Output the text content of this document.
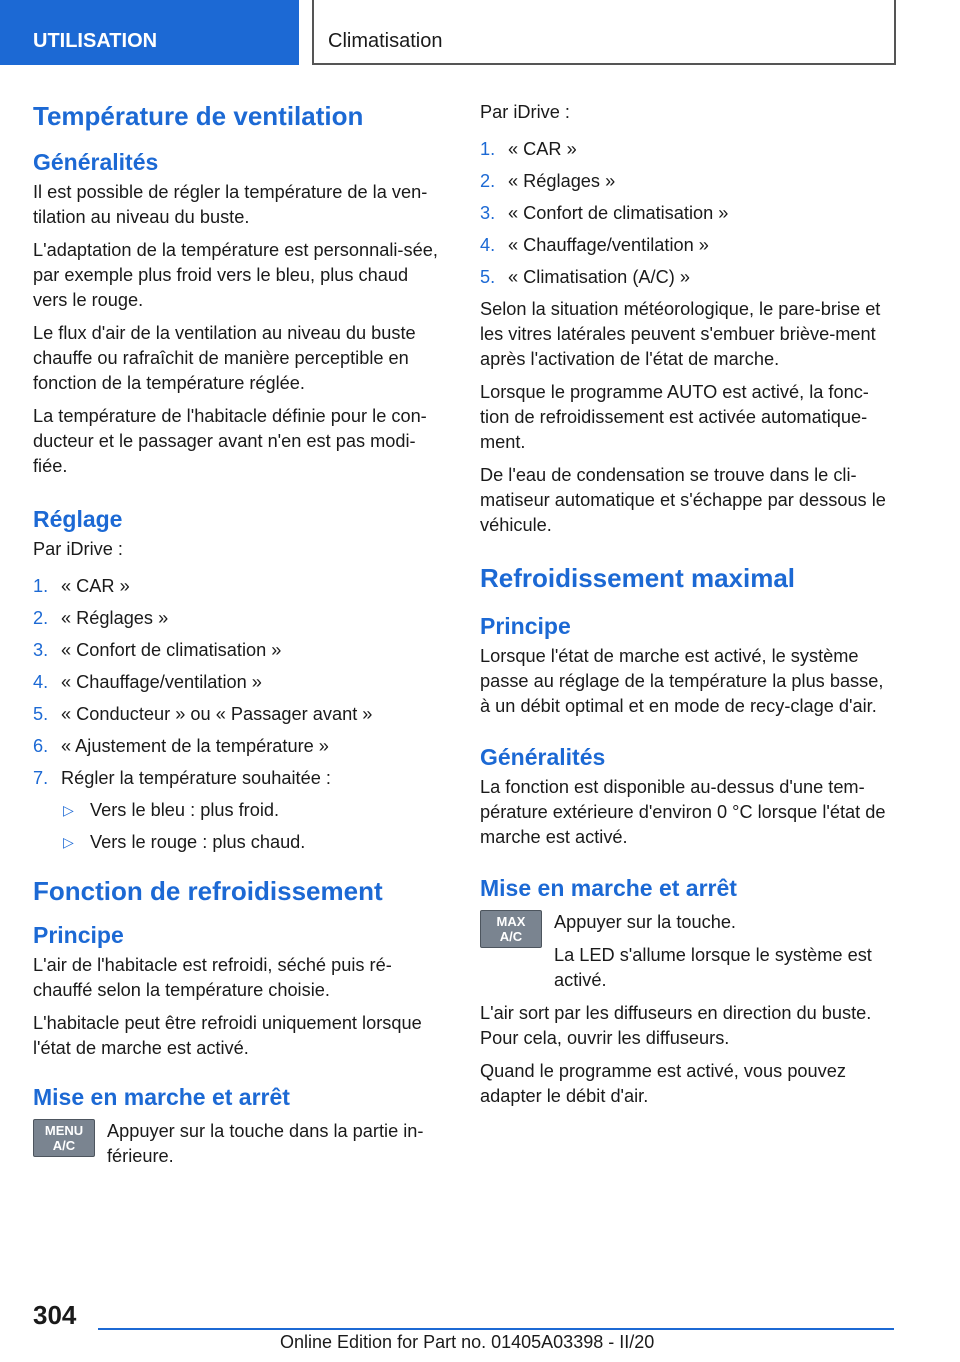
UTILISATION	Climatisation
Température de ventilation
Généralités

Il est possible de régler la température de la ven-tilation au niveau du buste.

L'adaptation de la température est personnali-sée, par exemple plus froid vers le bleu, plus chaud vers le rouge.

Le flux d'air de la ventilation au niveau du buste chauffe ou rafraîchit de manière perceptible en fonction de la température réglée.

La température de l'habitacle définie pour le con-ducteur et le passager avant n'en est pas modi-fiée.

Réglage

Par iDrive :

1. « CAR »
2. « Réglages »
3. « Confort de climatisation »
4. « Chauffage/ventilation »
5. « Conducteur » ou « Passager avant »
6. « Ajustement de la température »
7. Régler la température souhaitée :
▷ Vers le bleu : plus froid.
▷ Vers le rouge : plus chaud.
Fonction de refroidissement
Principe

L'air de l'habitacle est refroidi, séché puis ré-chauffé selon la température choisie.

L'habitacle peut être refroidi uniquement lorsque l'état de marche est activé.

Mise en marche et arrêt
MENU
A/C

Appuyer sur la touche dans la partie in-férieure.

Par iDrive :

1. « CAR »
2. « Réglages »
3. « Confort de climatisation »
4. « Chauffage/ventilation »
5. « Climatisation (A/C) »

Selon la situation météorologique, le pare-brise et les vitres latérales peuvent s'embuer briève-ment après l'activation de l'état de marche.

Lorsque le programme AUTO est activé, la fonc-tion de refroidissement est activée automatique-ment.

De l'eau de condensation se trouve dans le cli-matiseur automatique et s'échappe par dessous le véhicule.

Refroidissement maximal
Principe

Lorsque l'état de marche est activé, le système passe au réglage de la température la plus basse, à un débit optimal et en mode de recy-clage d'air.

Généralités

La fonction est disponible au-dessus d'une tem-pérature extérieure d'environ 0 °C lorsque l'état de marche est activé.

Mise en marche et arrêt
MAX
A/C

Appuyer sur la touche.

La LED s'allume lorsque le système est activé.

L'air sort par les diffuseurs en direction du buste. Pour cela, ouvrir les diffuseurs.

Quand le programme est activé, vous pouvez adapter le débit d'air.

304
Online Edition for Part no. 01405A03398 - II/20
